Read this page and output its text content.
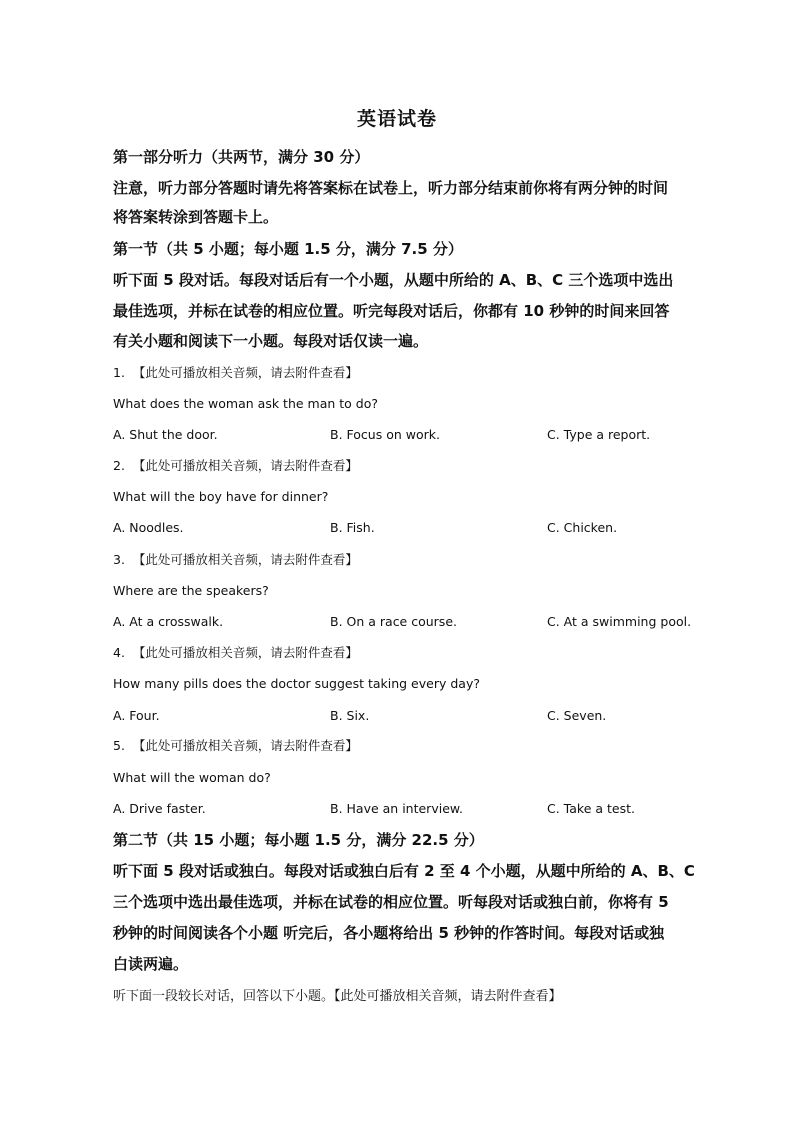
英语试卷
第一部分听力（共两节，满分 30 分）
注意，听力部分答题时请先将答案标在试卷上，听力部分结束前你将有两分钟的时间
将答案转涂到答题卡上。
第一节（共 5 小题；每小题 1.5 分，满分 7.5 分）
听下面 5 段对话。每段对话后有一个小题，从题中所给的 A、B、C 三个选项中选出
最佳选项，并标在试卷的相应位置。听完每段对话后，你都有 10 秒钟的时间来回答
有关小题和阅读下一小题。每段对话仅读一遍。
1. 【此处可播放相关音频，请去附件查看】
What does the woman ask the man to do?
A. Shut the door.	B. Focus on work.	C. Type a report.
2. 【此处可播放相关音频，请去附件查看】
What will the boy have for dinner?
A. Noodles.	B. Fish.	C. Chicken.
3. 【此处可播放相关音频，请去附件查看】
Where are the speakers?
A. At a crosswalk.	B. On a race course.	C. At a swimming pool.
4. 【此处可播放相关音频，请去附件查看】
How many pills does the doctor suggest taking every day?
A. Four.	B. Six.	C. Seven.
5. 【此处可播放相关音频，请去附件查看】
What will the woman do?
A. Drive faster.	B. Have an interview.	C. Take a test.
第二节（共 15 小题；每小题 1.5 分，满分 22.5 分）
听下面 5 段对话或独白。每段对话或独白后有 2 至 4 个小题，从题中所给的 A、B、C
三个选项中选出最佳选项，并标在试卷的相应位置。听每段对话或独白前，你将有 5
秒钟的时间阅读各个小题 听完后，各小题将给出 5 秒钟的作答时间。每段对话或独
白读两遍。
听下面一段较长对话，回答以下小题。【此处可播放相关音频，请去附件查看】
